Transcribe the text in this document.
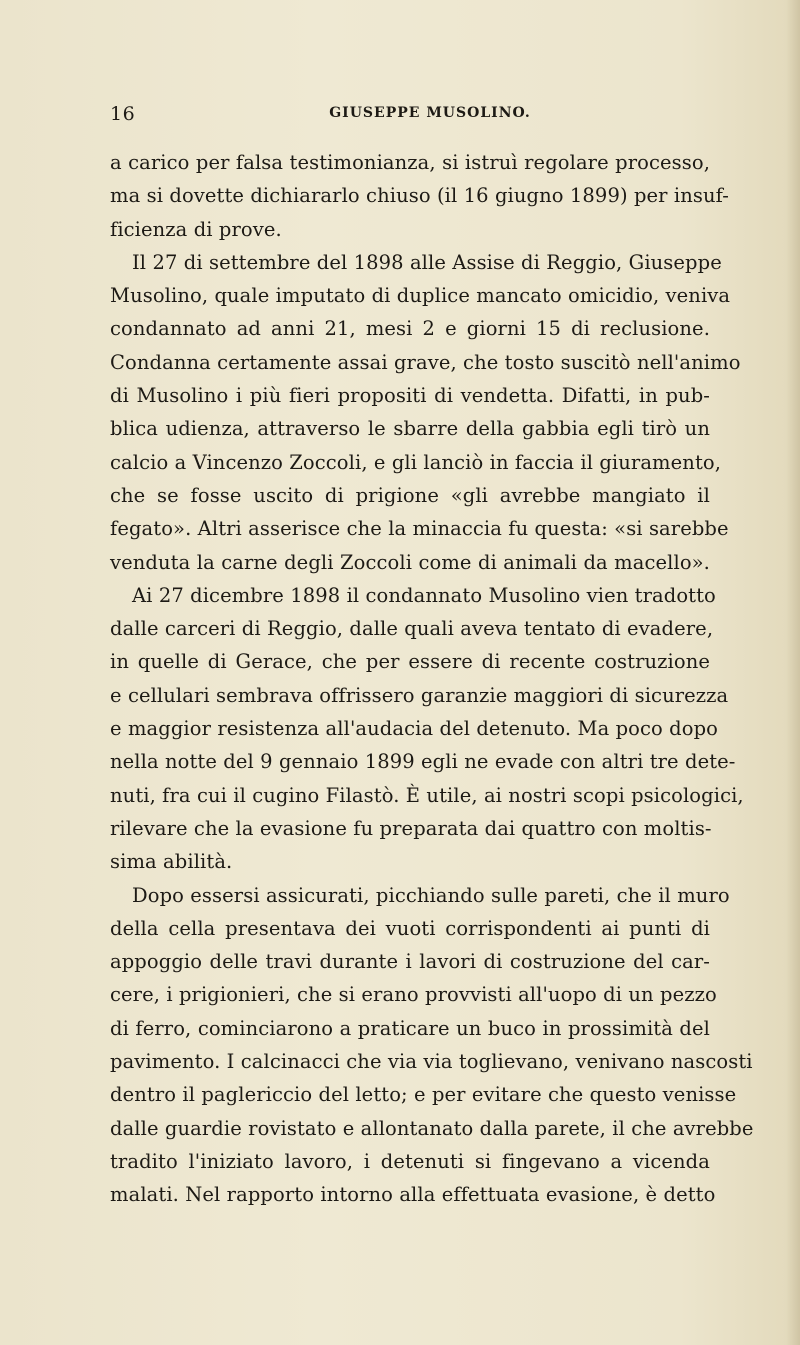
16	GIUSEPPE MUSOLINO.
a carico per falsa testimonianza, si istruì regolare processo,
ma si dovette dichiararlo chiuso (il 16 giugno 1899) per insuf-
ficienza di prove.
Il 27 di settembre del 1898 alle Assise di Reggio, Giuseppe
Musolino, quale imputato di duplice mancato omicidio, veniva
condannato ad anni 21, mesi 2 e giorni 15 di reclusione.
Condanna certamente assai grave, che tosto suscitò nell'animo
di Musolino i più fieri propositi di vendetta. Difatti, in pub-
blica udienza, attraverso le sbarre della gabbia egli tirò un
calcio a Vincenzo Zoccoli, e gli lanciò in faccia il giuramento,
che se fosse uscito di prigione «gli avrebbe mangiato il
fegato». Altri asserisce che la minaccia fu questa: «si sarebbe
venduta la carne degli Zoccoli come di animali da macello».
Ai 27 dicembre 1898 il condannato Musolino vien tradotto
dalle carceri di Reggio, dalle quali aveva tentato di evadere,
in quelle di Gerace, che per essere di recente costruzione
e cellulari sembrava offrissero garanzie maggiori di sicurezza
e maggior resistenza all'audacia del detenuto. Ma poco dopo
nella notte del 9 gennaio 1899 egli ne evade con altri tre dete-
nuti, fra cui il cugino Filastò. È utile, ai nostri scopi psicologici,
rilevare che la evasione fu preparata dai quattro con moltis-
sima abilità.
Dopo essersi assicurati, picchiando sulle pareti, che il muro
della cella presentava dei vuoti corrispondenti ai punti di
appoggio delle travi durante i lavori di costruzione del car-
cere, i prigionieri, che si erano provvisti all'uopo di un pezzo
di ferro, cominciarono a praticare un buco in prossimità del
pavimento. I calcinacci che via via toglievano, venivano nascosti
dentro il paglericcio del letto; e per evitare che questo venisse
dalle guardie rovistato e allontanato dalla parete, il che avrebbe
tradito l'iniziato lavoro, i detenuti si fingevano a vicenda
malati. Nel rapporto intorno alla effettuata evasione, è detto
